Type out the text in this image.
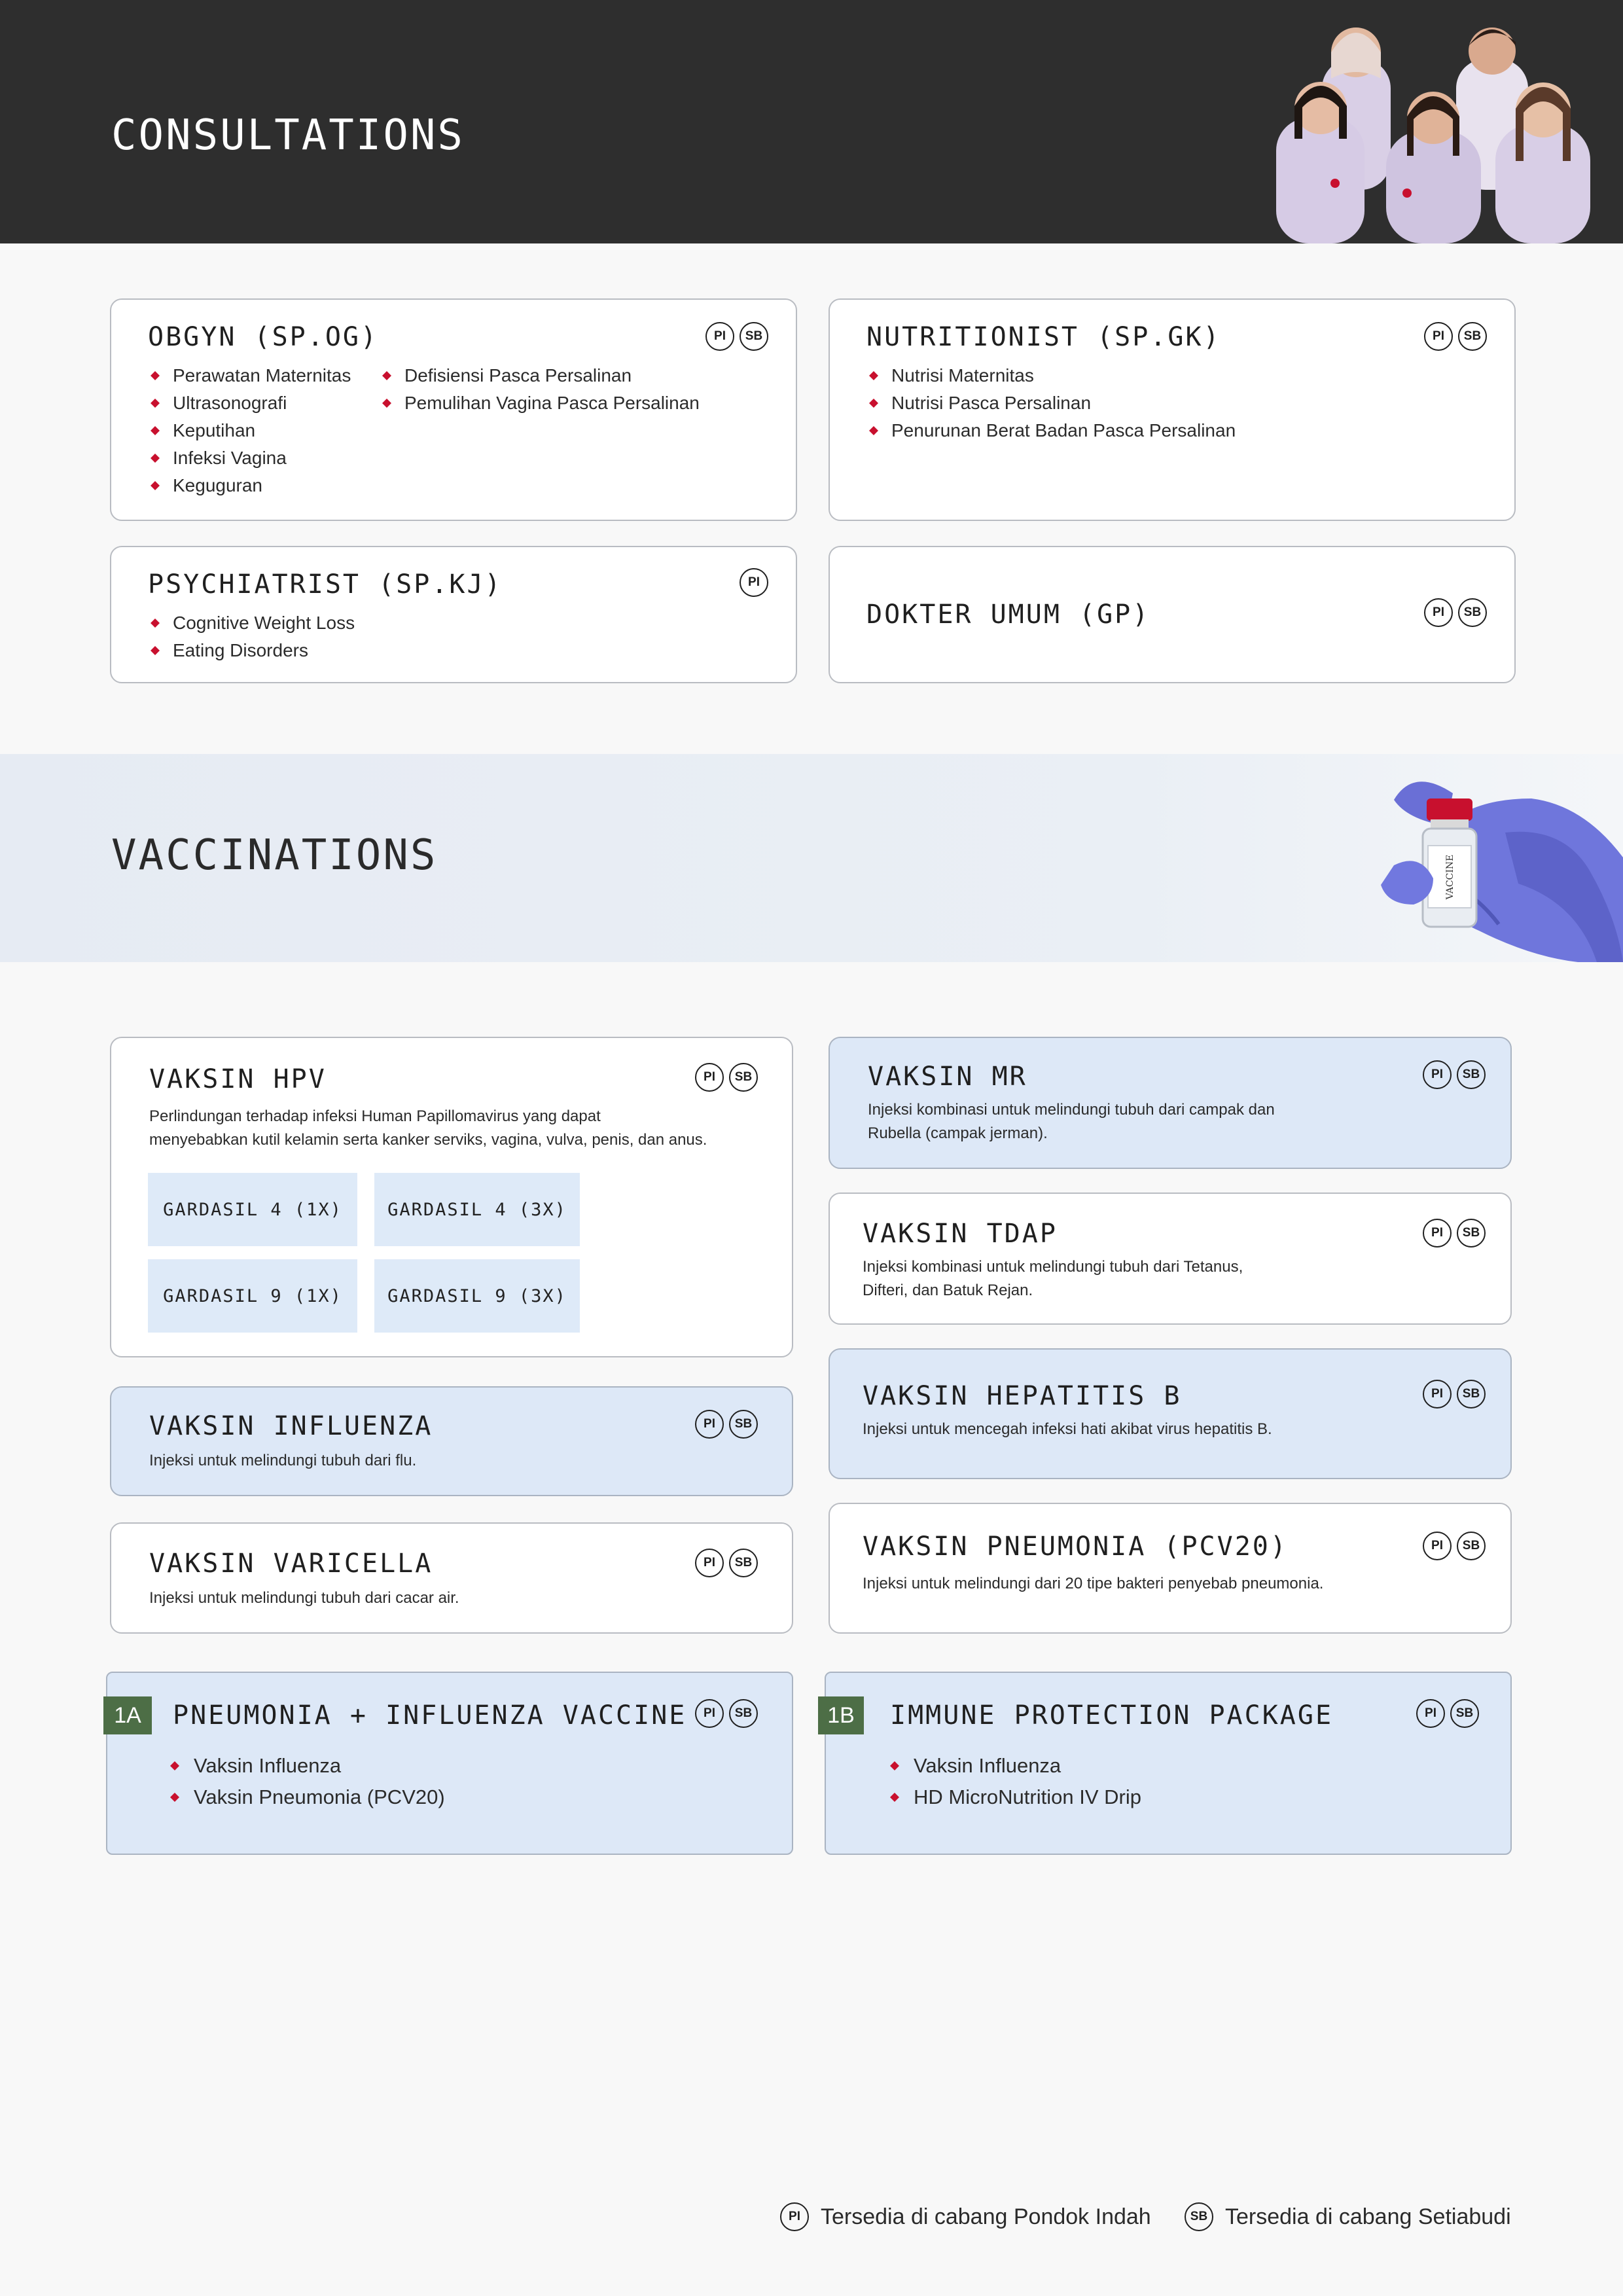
CONSULTATIONS
OBGYN (SP.OG)	PI	SB
Perawatan Maternitas
Ultrasonografi
Keputihan
Infeksi Vagina
Keguguran
Defisiensi Pasca Persalinan
Pemulihan Vagina Pasca Persalinan
NUTRITIONIST (SP.GK)	PI	SB
Nutrisi Maternitas
Nutrisi Pasca Persalinan
Penurunan Berat Badan Pasca Persalinan
PSYCHIATRIST (SP.KJ)	PI
Cognitive Weight Loss
Eating Disorders
DOKTER UMUM (GP)	PI	SB
VACCINATIONS	VACCINE
VAKSIN HPV	PI	SB
Perlindungan terhadap infeksi Human Papillomavirus yang dapat
menyebabkan kutil kelamin serta kanker serviks, vagina, vulva, penis, dan anus.
GARDASIL 4 (1X)	GARDASIL 4 (3X)
GARDASIL 9 (1X)	GARDASIL 9 (3X)
VAKSIN MR	PI	SB
Injeksi kombinasi untuk melindungi tubuh dari campak dan
Rubella (campak jerman).
VAKSIN TDAP	PI	SB
Injeksi kombinasi untuk melindungi tubuh dari Tetanus,
Difteri, dan Batuk Rejan.
VAKSIN INFLUENZA	PI	SB
Injeksi untuk melindungi tubuh dari flu.
VAKSIN HEPATITIS B	PI	SB
Injeksi untuk mencegah infeksi hati akibat virus hepatitis B.
VAKSIN VARICELLA	PI	SB
Injeksi untuk melindungi tubuh dari cacar air.
VAKSIN PNEUMONIA (PCV20)	PI	SB
Injeksi untuk melindungi dari 20 tipe bakteri penyebab pneumonia.
1A	PNEUMONIA + INFLUENZA VACCINE	PI	SB
Vaksin Influenza
Vaksin Pneumonia (PCV20)
1B	IMMUNE PROTECTION PACKAGE	PI	SB
Vaksin Influenza
HD MicroNutrition IV Drip
PI Tersedia di cabang Pondok Indah	SB Tersedia di cabang Setiabudi
